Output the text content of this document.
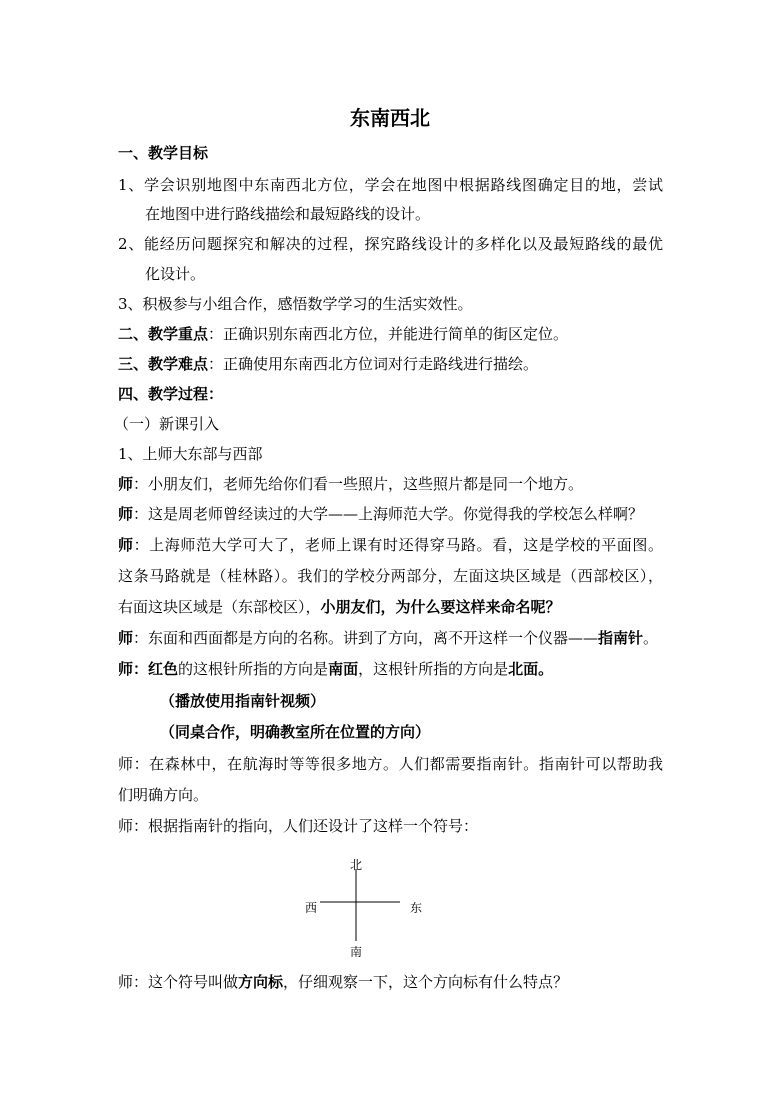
东南西北
一、教学目标
1、学会识别地图中东南西北方位，学会在地图中根据路线图确定目的地，尝试
在地图中进行路线描绘和最短路线的设计。
2、能经历问题探究和解决的过程，探究路线设计的多样化以及最短路线的最优
化设计。
3、积极参与小组合作，感悟数学学习的生活实效性。
二、教学重点：正确识别东南西北方位，并能进行简单的街区定位。
三、教学难点：正确使用东南西北方位词对行走路线进行描绘。
四、教学过程：
（一）新课引入
1、上师大东部与西部
师：小朋友们，老师先给你们看一些照片，这些照片都是同一个地方。
师：这是周老师曾经读过的大学——上海师范大学。你觉得我的学校怎么样啊？
师：上海师范大学可大了，老师上课有时还得穿马路。看，这是学校的平面图。
这条马路就是（桂林路）。我们的学校分两部分，左面这块区域是（西部校区），
右面这块区域是（东部校区），小朋友们，为什么要这样来命名呢？
师：东面和西面都是方向的名称。讲到了方向，离不开这样一个仪器——指南针。
师：红色的这根针所指的方向是南面，这根针所指的方向是北面。
（播放使用指南针视频）
（同桌合作，明确教室所在位置的方向）
师：在森林中，在航海时等等很多地方。人们都需要指南针。指南针可以帮助我
们明确方向。
师：根据指南针的指向，人们还设计了这样一个符号：
北
南
西	东
师：这个符号叫做方向标，仔细观察一下，这个方向标有什么特点？
